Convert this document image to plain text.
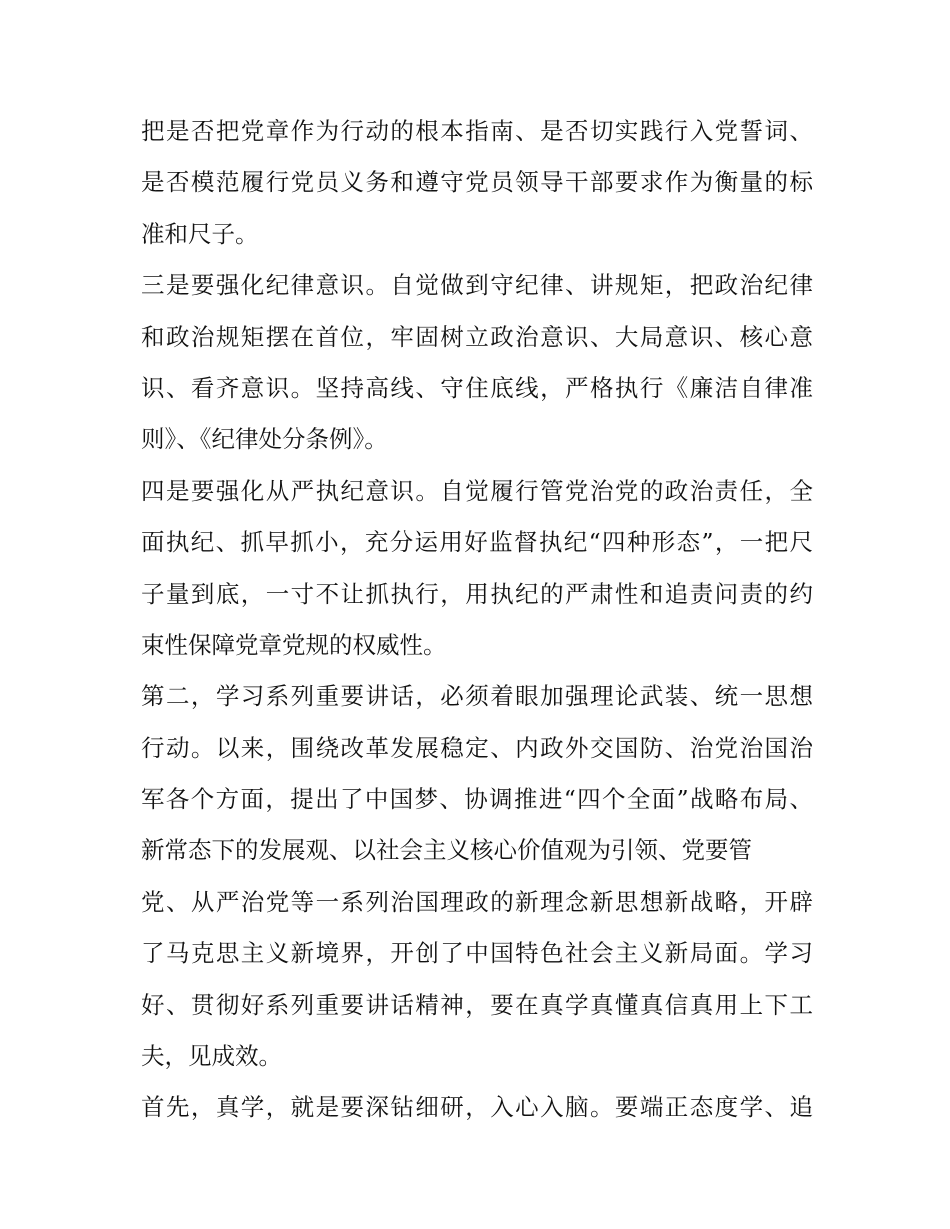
把是否把党章作为行动的根本指南、是否切实践行入党誓词、
是否模范履行党员义务和遵守党员领导干部要求作为衡量的标
准和尺子。
三是要强化纪律意识。自觉做到守纪律、讲规矩，把政治纪律
和政治规矩摆在首位，牢固树立政治意识、大局意识、核心意
识、看齐意识。坚持高线、守住底线，严格执行《廉洁自律准
则》、《纪律处分条例》。
四是要强化从严执纪意识。自觉履行管党治党的政治责任，全
面执纪、抓早抓小，充分运用好监督执纪“四种形态”，一把尺
子量到底，一寸不让抓执行，用执纪的严肃性和追责问责的约
束性保障党章党规的权威性。
第二，学习系列重要讲话，必须着眼加强理论武装、统一思想
行动。以来，围绕改革发展稳定、内政外交国防、治党治国治
军各个方面，提出了中国梦、协调推进“四个全面”战略布局、
新常态下的发展观、以社会主义核心价值观为引领、党要管
党、从严治党等一系列治国理政的新理念新思想新战略，开辟
了马克思主义新境界，开创了中国特色社会主义新局面。学习
好、贯彻好系列重要讲话精神，要在真学真懂真信真用上下工
夫，见成效。
首先，真学，就是要深钻细研，入心入脑。要端正态度学、追
